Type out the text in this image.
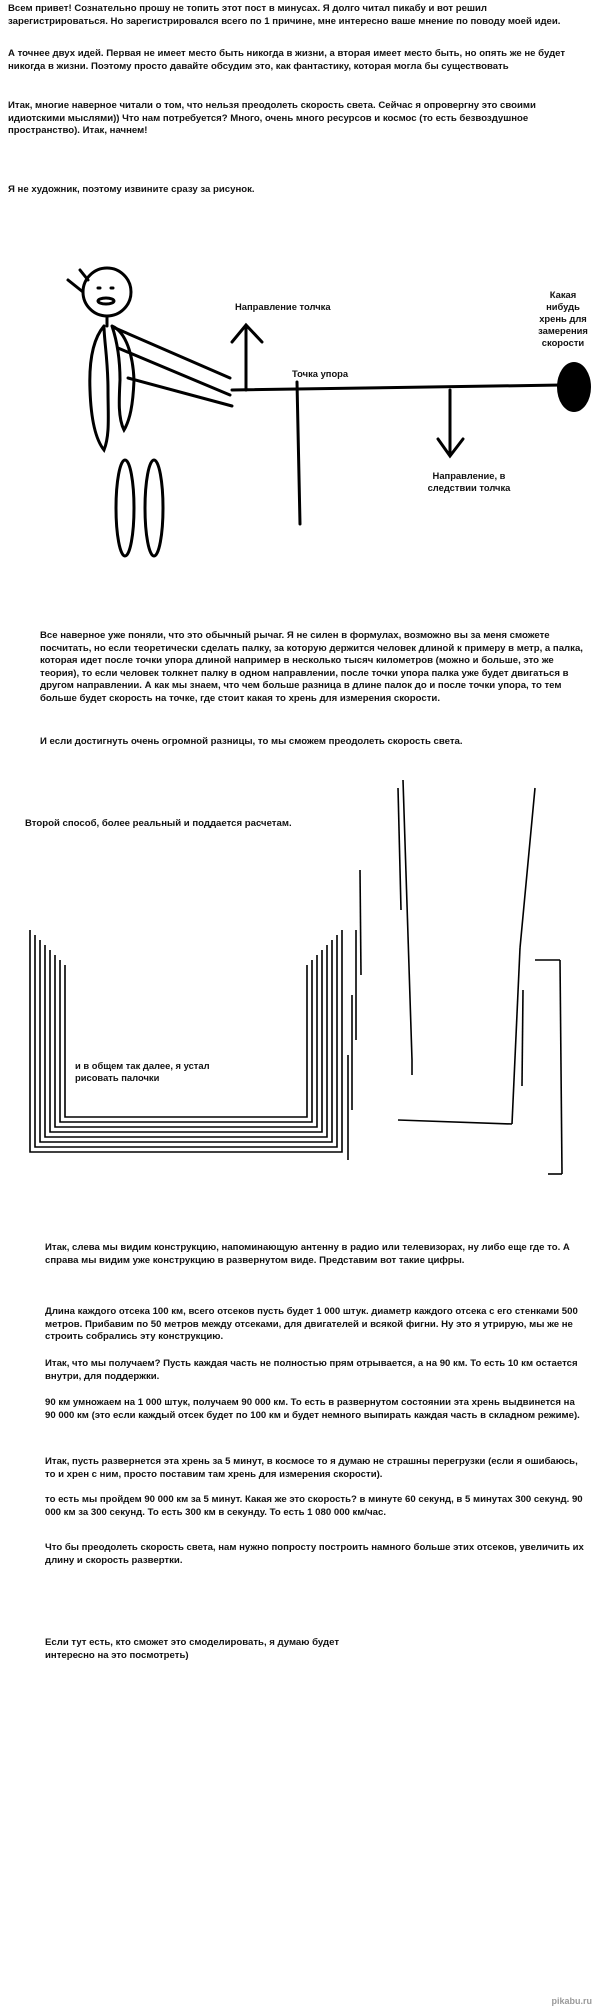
Всем привет! Сознательно прошу не топить этот пост в минусах. Я долго читал пикабу и вот решил зарегистрироваться. Но зарегистрировался всего по 1 причине, мне интересно ваше мнение по поводу моей идеи.

А точнее двух идей. Первая не имеет место быть никогда в жизни, а вторая имеет место быть, но опять же не будет никогда в жизни. Поэтому просто давайте обсудим это, как фантастику, которая могла бы существовать

Итак, многие наверное читали о том, что нельзя преодолеть скорость света. Сейчас я опровергну это своими идиотскими мыслями)) Что нам потребуется? Много, очень много ресурсов и космос (то есть безвоздушное пространство). Итак, начнем!

Я не художник, поэтому извините сразу за рисунок.

Направление толчка

Точка упора

Какая нибудь хрень для замерения скорости

Направление, в следствии толчка

Все наверное уже поняли, что это обычный рычаг. Я не силен в формулах, возможно вы за меня сможете посчитать, но если теоретически сделать палку, за которую держится человек длиной к примеру в метр, а палка, которая идет после точки упора длиной например в несколько тысяч километров (можно и больше, это же теория), то если человек толкнет палку в одном направлении, после точки упора палка уже будет двигаться в другом направлении. А как мы знаем, что чем больше разница в длине палок до и после точки упора, то тем больше будет скорость на точке, где стоит какая то хрень для измерения скорости.

И если достигнуть очень огромной разницы, то мы сможем преодолеть скорость света.

Второй способ, более реальный и поддается расчетам.

и в общем так далее, я устал рисовать палочки

Итак, слева мы видим конструкцию, напоминающую антенну в радио или телевизорах, ну либо еще где то. А справа мы видим уже конструкцию в развернутом виде. Представим вот такие цифры.

Длина каждого отсека 100 км, всего отсеков пусть будет 1 000 штук. диаметр каждого отсека с его стенками 500 метров. Прибавим по 50 метров между отсеками, для двигателей и всякой фигни. Ну это я утрирую, мы же не строить собрались эту конструкцию.

Итак, что мы получаем? Пусть каждая часть не полностью прям отрывается, а на 90 км. То есть 10 км остается внутри, для поддержки.

90 км умножаем на 1 000 штук, получаем 90 000 км. То есть в развернутом состоянии эта хрень выдвинется на 90 000 км (это если каждый отсек будет по 100 км и будет немного выпирать каждая часть в складном режиме).

Итак, пусть развернется эта хрень за 5 минут, в космосе то я думаю не страшны перегрузки (если я ошибаюсь, то и хрен с ним, просто поставим там хрень для измерения скорости).

то есть мы пройдем 90 000 км за 5 минут. Какая же это скорость? в минуте 60 секунд, в 5 минутах 300 секунд. 90 000 км за 300 секунд. То есть 300 км в секунду. То есть 1 080 000 км/час.

Что бы преодолеть скорость света, нам нужно попросту построить намного больше этих отсеков, увеличить их длину и скорость развертки.

Если тут есть, кто сможет это смоделировать, я думаю будет интересно на это посмотреть)

pikabu.ru
